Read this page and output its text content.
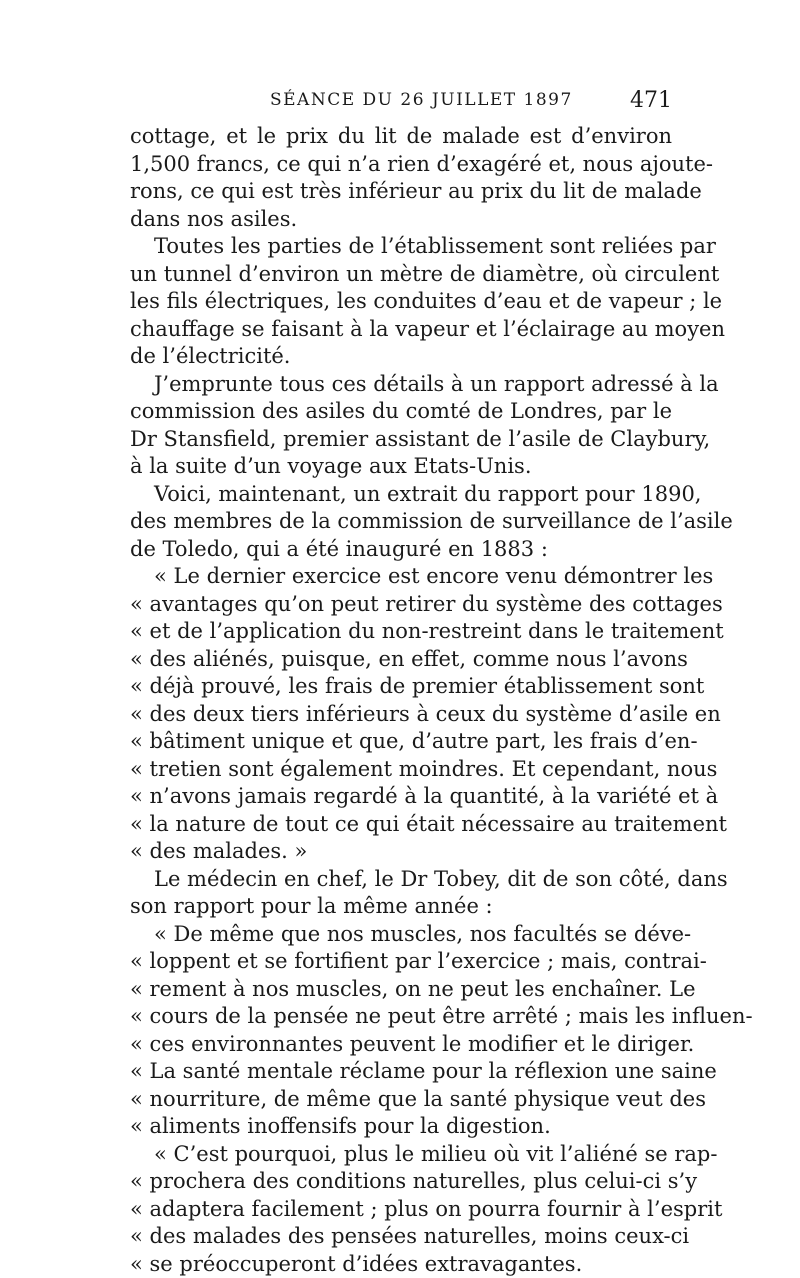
SÉANCE DU 26 JUILLET 1897	471
cottage, et le prix du lit de malade est d’environ
1,500 francs, ce qui n’a rien d’exagéré et, nous ajoute-
rons, ce qui est très inférieur au prix du lit de malade
dans nos asiles.
Toutes les parties de l’établissement sont reliées par
un tunnel d’environ un mètre de diamètre, où circulent
les fils électriques, les conduites d’eau et de vapeur ; le
chauffage se faisant à la vapeur et l’éclairage au moyen
de l’électricité.
J’emprunte tous ces détails à un rapport adressé à la
commission des asiles du comté de Londres, par le
Dr Stansfield, premier assistant de l’asile de Claybury,
à la suite d’un voyage aux Etats-Unis.
Voici, maintenant, un extrait du rapport pour 1890,
des membres de la commission de surveillance de l’asile
de Toledo, qui a été inauguré en 1883 :
« Le dernier exercice est encore venu démontrer les
« avantages qu’on peut retirer du système des cottages
« et de l’application du non-restreint dans le traitement
« des aliénés, puisque, en effet, comme nous l’avons
« déjà prouvé, les frais de premier établissement sont
« des deux tiers inférieurs à ceux du système d’asile en
« bâtiment unique et que, d’autre part, les frais d’en-
« tretien sont également moindres. Et cependant, nous
« n’avons jamais regardé à la quantité, à la variété et à
« la nature de tout ce qui était nécessaire au traitement
« des malades. »
Le médecin en chef, le Dr Tobey, dit de son côté, dans
son rapport pour la même année :
« De même que nos muscles, nos facultés se déve-
« loppent et se fortifient par l’exercice ; mais, contrai-
« rement à nos muscles, on ne peut les enchaîner. Le
« cours de la pensée ne peut être arrêté ; mais les influen-
« ces environnantes peuvent le modifier et le diriger.
« La santé mentale réclame pour la réflexion une saine
« nourriture, de même que la santé physique veut des
« aliments inoffensifs pour la digestion.
« C’est pourquoi, plus le milieu où vit l’aliéné se rap-
« prochera des conditions naturelles, plus celui-ci s’y
« adaptera facilement ; plus on pourra fournir à l’esprit
« des malades des pensées naturelles, moins ceux-ci
« se préoccuperont d’idées extravagantes.
